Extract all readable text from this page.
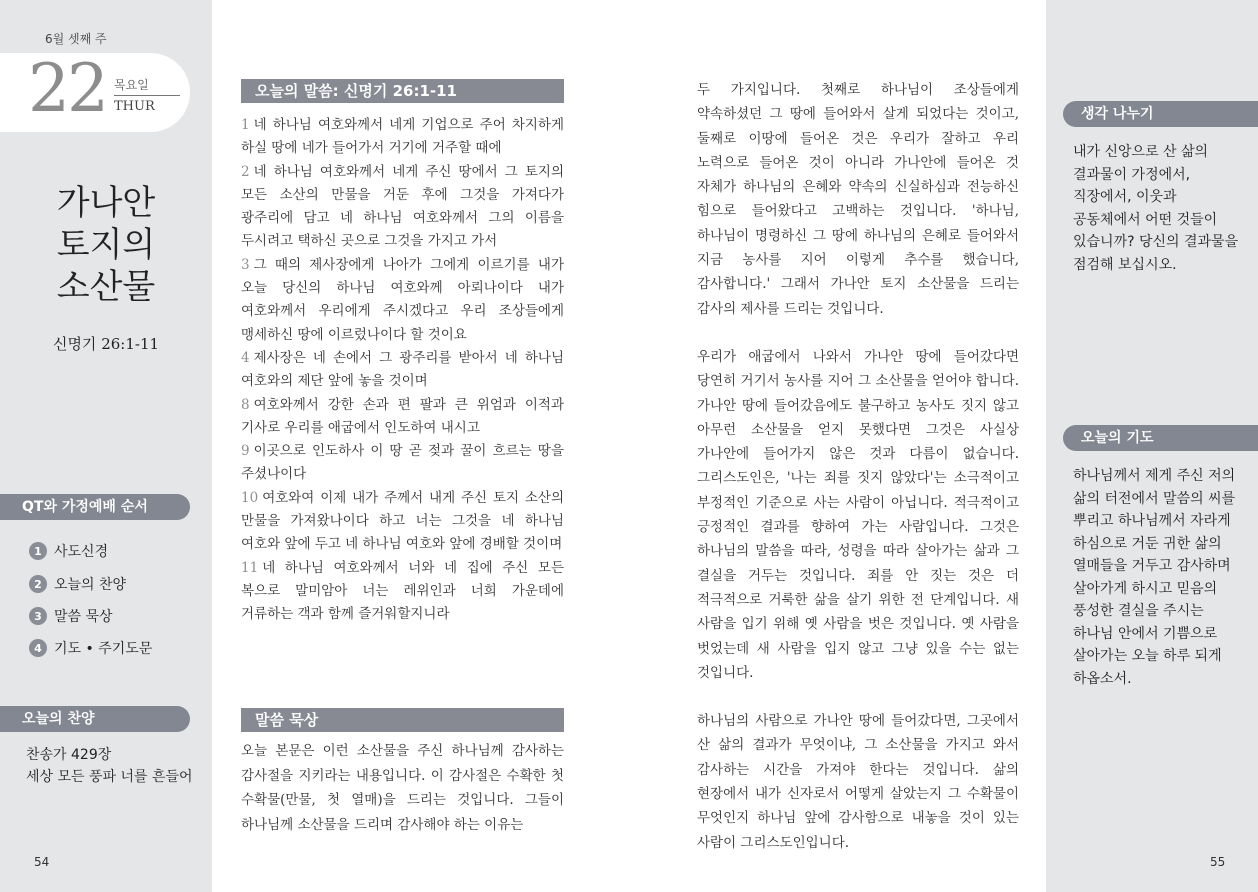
6월 셋째 주
22 목요일
THUR
가나안
토지의
소산물
신명기 26:1-11
QT와 가정예배 순서
1 사도신경
2 오늘의 찬양
3 말씀 묵상
4 기도 • 주기도문
오늘의 찬양
찬송가 429장
세상 모든 풍파 너를 흔들어
54
오늘의 말씀: 신명기 26:1-11

1 네 하나님 여호와께서 네게 기업으로 주어 차지하게 하실 땅에 네가 들어가서 거기에 거주할 때에

2 네 하나님 여호와께서 네게 주신 땅에서 그 토지의 모든 소산의 만물을 거둔 후에 그것을 가져다가 광주리에 담고 네 하나님 여호와께서 그의 이름을 두시려고 택하신 곳으로 그것을 가지고 가서

3 그 때의 제사장에게 나아가 그에게 이르기를 내가 오늘 당신의 하나님 여호와께 아뢰나이다 내가 여호와께서 우리에게 주시겠다고 우리 조상들에게 맹세하신 땅에 이르렀나이다 할 것이요

4 제사장은 네 손에서 그 광주리를 받아서 네 하나님 여호와의 제단 앞에 놓을 것이며

8 여호와께서 강한 손과 편 팔과 큰 위엄과 이적과 기사로 우리를 애굽에서 인도하여 내시고

9 이곳으로 인도하사 이 땅 곧 젖과 꿀이 흐르는 땅을 주셨나이다

10 여호와여 이제 내가 주께서 내게 주신 토지 소산의 만물을 가져왔나이다 하고 너는 그것을 네 하나님 여호와 앞에 두고 네 하나님 여호와 앞에 경배할 것이며

11 네 하나님 여호와께서 너와 네 집에 주신 모든 복으로 말미암아 너는 레위인과 너희 가운데에 거류하는 객과 함께 즐거워할지니라

말씀 묵상
오늘 본문은 이런 소산물을 주신 하나님께 감사하는 감사절을 지키라는 내용입니다. 이 감사절은 수확한 첫 수확물(만물, 첫 열매)을 드리는 것입니다. 그들이 하나님께 소산물을 드리며 감사해야 하는 이유는

두 가지입니다. 첫째로 하나님이 조상들에게 약속하셨던 그 땅에 들어와서 살게 되었다는 것이고, 둘째로 이땅에 들어온 것은 우리가 잘하고 우리 노력으로 들어온 것이 아니라 가나안에 들어온 것 자체가 하나님의 은혜와 약속의 신실하심과 전능하신 힘으로 들어왔다고 고백하는 것입니다. '하나님, 하나님이 명령하신 그 땅에 하나님의 은혜로 들어와서 지금 농사를 지어 이렇게 추수를 했습니다, 감사합니다.' 그래서 가나안 토지 소산물을 드리는 감사의 제사를 드리는 것입니다.

우리가 애굽에서 나와서 가나안 땅에 들어갔다면 당연히 거기서 농사를 지어 그 소산물을 얻어야 합니다. 가나안 땅에 들어갔음에도 불구하고 농사도 짓지 않고 아무런 소산물을 얻지 못했다면 그것은 사실상 가나안에 들어가지 않은 것과 다름이 없습니다. 그리스도인은, '나는 죄를 짓지 않았다'는 소극적이고 부정적인 기준으로 사는 사람이 아닙니다. 적극적이고 긍정적인 결과를 향하여 가는 사람입니다. 그것은 하나님의 말씀을 따라, 성령을 따라 살아가는 삶과 그 결실을 거두는 것입니다. 죄를 안 짓는 것은 더 적극적으로 거룩한 삶을 살기 위한 전 단계입니다. 새 사람을 입기 위해 옛 사람을 벗은 것입니다. 옛 사람을 벗었는데 새 사람을 입지 않고 그냥 있을 수는 없는 것입니다.

하나님의 사람으로 가나안 땅에 들어갔다면, 그곳에서 산 삶의 결과가 무엇이냐, 그 소산물을 가지고 와서 감사하는 시간을 가져야 한다는 것입니다. 삶의 현장에서 내가 신자로서 어떻게 살았는지 그 수확물이 무엇인지 하나님 앞에 감사함으로 내놓을 것이 있는 사람이 그리스도인입니다.

생각 나누기
내가 신앙으로 산 삶의 결과물이 가정에서, 직장에서, 이웃과 공동체에서 어떤 것들이 있습니까? 당신의 결과물을 점검해 보십시오.
오늘의 기도
하나님께서 제게 주신 저의 삶의 터전에서 말씀의 씨를 뿌리고 하나님께서 자라게 하심으로 거둔 귀한 삶의 열매들을 거두고 감사하며 살아가게 하시고 믿음의 풍성한 결실을 주시는 하나님 안에서 기쁨으로 살아가는 오늘 하루 되게 하옵소서.
55
